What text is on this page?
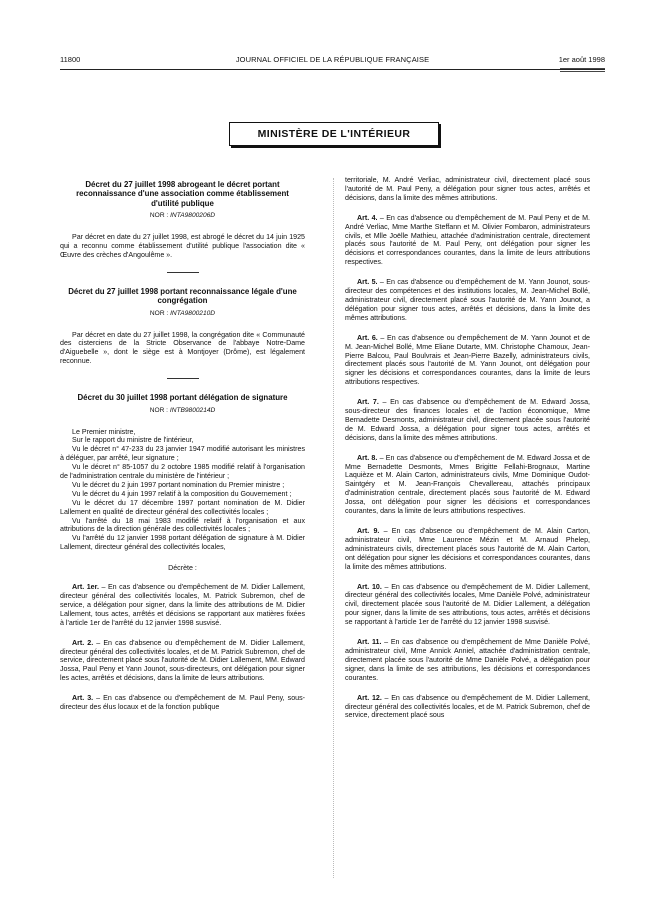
11800	JOURNAL OFFICIEL DE LA RÉPUBLIQUE FRANÇAISE	1er août 1998
MINISTÈRE DE L'INTÉRIEUR
Décret du 27 juillet 1998 abrogeant le décret portant reconnaissance d'une association comme établissement d'utilité publique
NOR : INTA9800206D

Par décret en date du 27 juillet 1998, est abrogé le décret du 14 juin 1925 qui a reconnu comme établissement d'utilité publique l'association dite « Œuvre des crèches d'Angoulême ».

Décret du 27 juillet 1998 portant reconnaissance légale d'une congrégation
NOR : INTA9800210D

Par décret en date du 27 juillet 1998, la congrégation dite « Communauté des cisterciens de la Stricte Observance de l'abbaye Notre-Dame d'Aiguebelle », dont le siège est à Montjoyer (Drôme), est légalement reconnue.

Décret du 30 juillet 1998 portant délégation de signature
NOR : INTB9800214D

Le Premier ministre,

Sur le rapport du ministre de l'intérieur,

Vu le décret n° 47-233 du 23 janvier 1947 modifié autorisant les ministres à déléguer, par arrêté, leur signature ;

Vu le décret n° 85-1057 du 2 octobre 1985 modifié relatif à l'organisation de l'administration centrale du ministère de l'intérieur ;

Vu le décret du 2 juin 1997 portant nomination du Premier ministre ;

Vu le décret du 4 juin 1997 relatif à la composition du Gouvernement ;

Vu le décret du 17 décembre 1997 portant nomination de M. Didier Lallement en qualité de directeur général des collectivités locales ;

Vu l'arrêté du 18 mai 1983 modifié relatif à l'organisation et aux attributions de la direction générale des collectivités locales ;

Vu l'arrêté du 12 janvier 1998 portant délégation de signature à M. Didier Lallement, directeur général des collectivités locales,

Décrète :

Art. 1er. – En cas d'absence ou d'empêchement de M. Didier Lallement, directeur général des collectivités locales, M. Patrick Subremon, chef de service, a délégation pour signer, dans la limite des attributions de M. Didier Lallement, tous actes, arrêtés et décisions se rapportant aux matières fixées à l'article 1er de l'arrêté du 12 janvier 1998 susvisé.

Art. 2. – En cas d'absence ou d'empêchement de M. Didier Lallement, directeur général des collectivités locales, et de M. Patrick Subremon, chef de service, directement placé sous l'autorité de M. Didier Lallement, MM. Edward Jossa, Paul Peny et Yann Jounot, sous-directeurs, ont délégation pour signer les actes, arrêtés et décisions, dans la limite de leurs attributions.

Art. 3. – En cas d'absence ou d'empêchement de M. Paul Peny, sous-directeur des élus locaux et de la fonction publique

territoriale, M. André Verliac, administrateur civil, directement placé sous l'autorité de M. Paul Peny, a délégation pour signer tous actes, arrêtés et décisions, dans la limite des mêmes attributions.

Art. 4. – En cas d'absence ou d'empêchement de M. Paul Peny et de M. André Verliac, Mme Marthe Steffann et M. Olivier Fombaron, administrateurs civils, et Mlle Joëlle Mathieu, attachée d'administration centrale, directement placés sous l'autorité de M. Paul Peny, ont délégation pour signer les décisions et correspondances courantes, dans la limite de leurs attributions respectives.

Art. 5. – En cas d'absence ou d'empêchement de M. Yann Jounot, sous-directeur des compétences et des institutions locales, M. Jean-Michel Bollé, administrateur civil, directement placé sous l'autorité de M. Yann Jounot, a délégation pour signer tous actes, arrêtés et décisions, dans la limite des mêmes attributions.

Art. 6. – En cas d'absence ou d'empêchement de M. Yann Jounot et de M. Jean-Michel Bollé, Mme Eliane Dutarte, MM. Christophe Chamoux, Jean-Pierre Balcou, Paul Boulvrais et Jean-Pierre Bazelly, administrateurs civils, directement placés sous l'autorité de M. Yann Jounot, ont délégation pour signer les décisions et correspondances courantes, dans la limite de leurs attributions respectives.

Art. 7. – En cas d'absence ou d'empêchement de M. Edward Jossa, sous-directeur des finances locales et de l'action économique, Mme Bernadette Desmonts, administrateur civil, directement placée sous l'autorité de M. Edward Jossa, a délégation pour signer tous actes, arrêtés et décisions, dans la limite des mêmes attributions.

Art. 8. – En cas d'absence ou d'empêchement de M. Edward Jossa et de Mme Bernadette Desmonts, Mmes Brigitte Fellahi-Brognaux, Martine Laquièze et M. Alain Carton, administrateurs civils, Mme Dominique Oudot-Saintgéry et M. Jean-François Chevallereau, attachés principaux d'administration centrale, directement placés sous l'autorité de M. Edward Jossa, ont délégation pour signer les décisions et correspondances courantes, dans la limite de leurs attributions respectives.

Art. 9. – En cas d'absence ou d'empêchement de M. Alain Carton, administrateur civil, Mme Laurence Mézin et M. Arnaud Phelep, administrateurs civils, directement placés sous l'autorité de M. Alain Carton, ont délégation pour signer les décisions et correspondances courantes, dans la limite des mêmes attributions.

Art. 10. – En cas d'absence ou d'empêchement de M. Didier Lallement, directeur général des collectivités locales, Mme Danièle Polvé, administrateur civil, directement placée sous l'autorité de M. Didier Lallement, a délégation pour signer, dans la limite de ses attributions, tous actes, arrêtés et décisions se rapportant à l'article 1er de l'arrêté du 12 janvier 1998 susvisé.

Art. 11. – En cas d'absence ou d'empêchement de Mme Danièle Polvé, administrateur civil, Mme Annick Anniel, attachée d'administration centrale, directement placée sous l'autorité de Mme Danièle Polvé, a délégation pour signer, dans la limite de ses attributions, les décisions et correspondances courantes.

Art. 12. – En cas d'absence ou d'empêchement de M. Didier Lallement, directeur général des collectivités locales, et de M. Patrick Subremon, chef de service, directement placé sous
